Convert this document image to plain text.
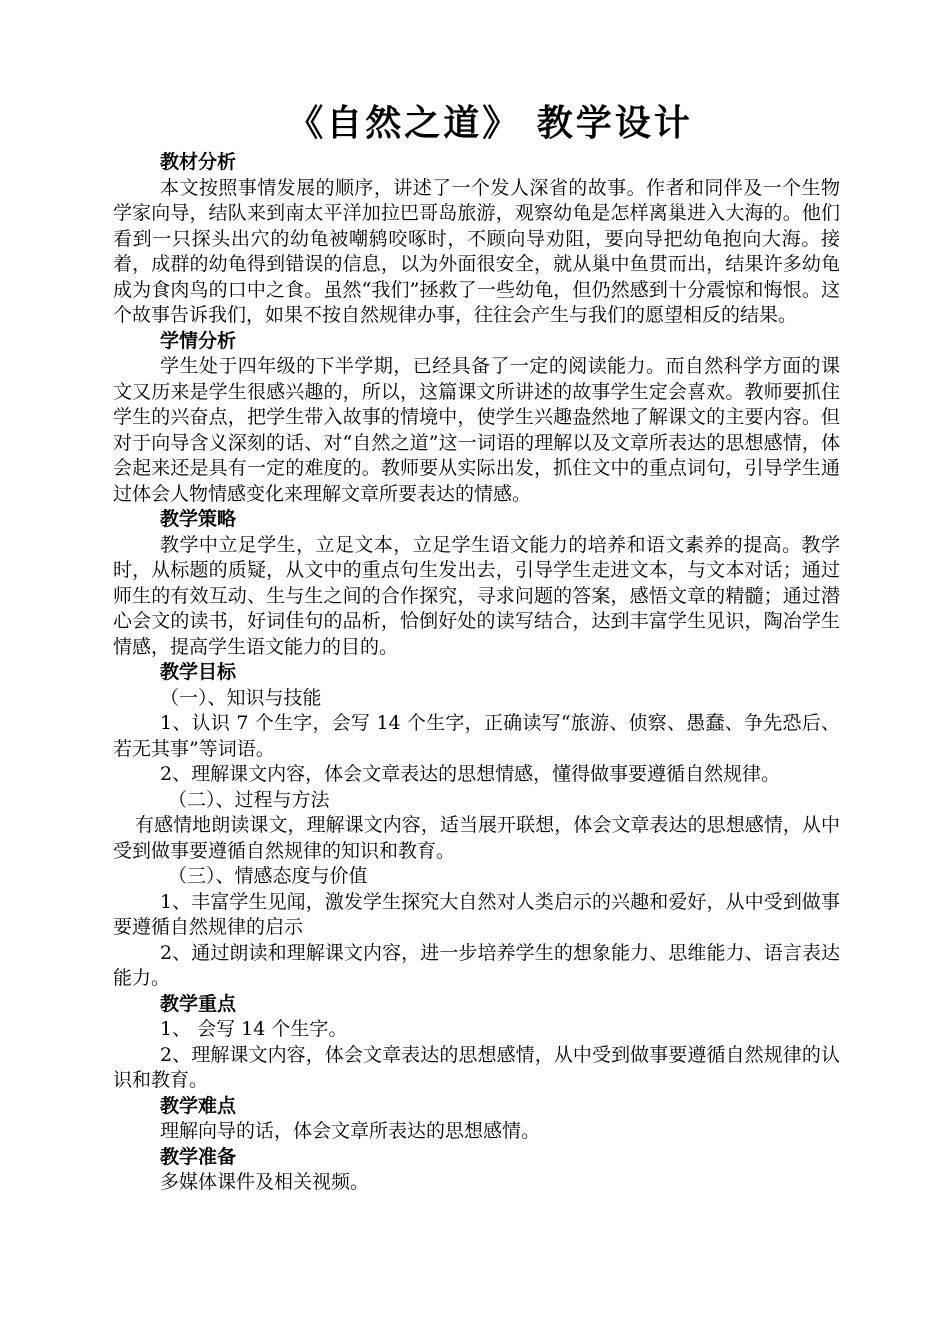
《自然之道》 教学设计

教材分析

本文按照事情发展的顺序，讲述了一个发人深省的故事。作者和同伴及一个生物学家向导，结队来到南太平洋加拉巴哥岛旅游，观察幼龟是怎样离巢进入大海的。他们看到一只探头出穴的幼龟被嘲鸫咬啄时，不顾向导劝阻，要向导把幼龟抱向大海。接着，成群的幼龟得到错误的信息，以为外面很安全，就从巢中鱼贯而出，结果许多幼龟成为食肉鸟的口中之食。虽然“我们”拯救了一些幼龟，但仍然感到十分震惊和悔恨。这个故事告诉我们，如果不按自然规律办事，往往会产生与我们的愿望相反的结果。

学情分析

学生处于四年级的下半学期，已经具备了一定的阅读能力。而自然科学方面的课文又历来是学生很感兴趣的，所以，这篇课文所讲述的故事学生定会喜欢。教师要抓住学生的兴奋点，把学生带入故事的情境中，使学生兴趣盎然地了解课文的主要内容。但对于向导含义深刻的话、对“自然之道”这一词语的理解以及文章所表达的思想感情，体会起来还是具有一定的难度的。教师要从实际出发，抓住文中的重点词句，引导学生通过体会人物情感变化来理解文章所要表达的情感。

教学策略

教学中立足学生，立足文本，立足学生语文能力的培养和语文素养的提高。教学时，从标题的质疑，从文中的重点句生发出去，引导学生走进文本，与文本对话；通过师生的有效互动、生与生之间的合作探究，寻求问题的答案，感悟文章的精髓；通过潜心会文的读书，好词佳句的品析，恰倒好处的读写结合，达到丰富学生见识，陶冶学生情感，提高学生语文能力的目的。

教学目标

（一）、知识与技能

1、认识 7 个生字，会写 14 个生字，正确读写“旅游、侦察、愚蠢、争先恐后、若无其事”等词语。

2、理解课文内容，体会文章表达的思想情感，懂得做事要遵循自然规律。

（二）、过程与方法

有感情地朗读课文，理解课文内容，适当展开联想，体会文章表达的思想感情，从中受到做事要遵循自然规律的知识和教育。

（三）、情感态度与价值

1、丰富学生见闻，激发学生探究大自然对人类启示的兴趣和爱好，从中受到做事要遵循自然规律的启示

2、通过朗读和理解课文内容，进一步培养学生的想象能力、思维能力、语言表达能力。

教学重点

1、 会写 14 个生字。

2、理解课文内容，体会文章表达的思想感情，从中受到做事要遵循自然规律的认识和教育。

教学难点

理解向导的话，体会文章所表达的思想感情。

教学准备

多媒体课件及相关视频。
